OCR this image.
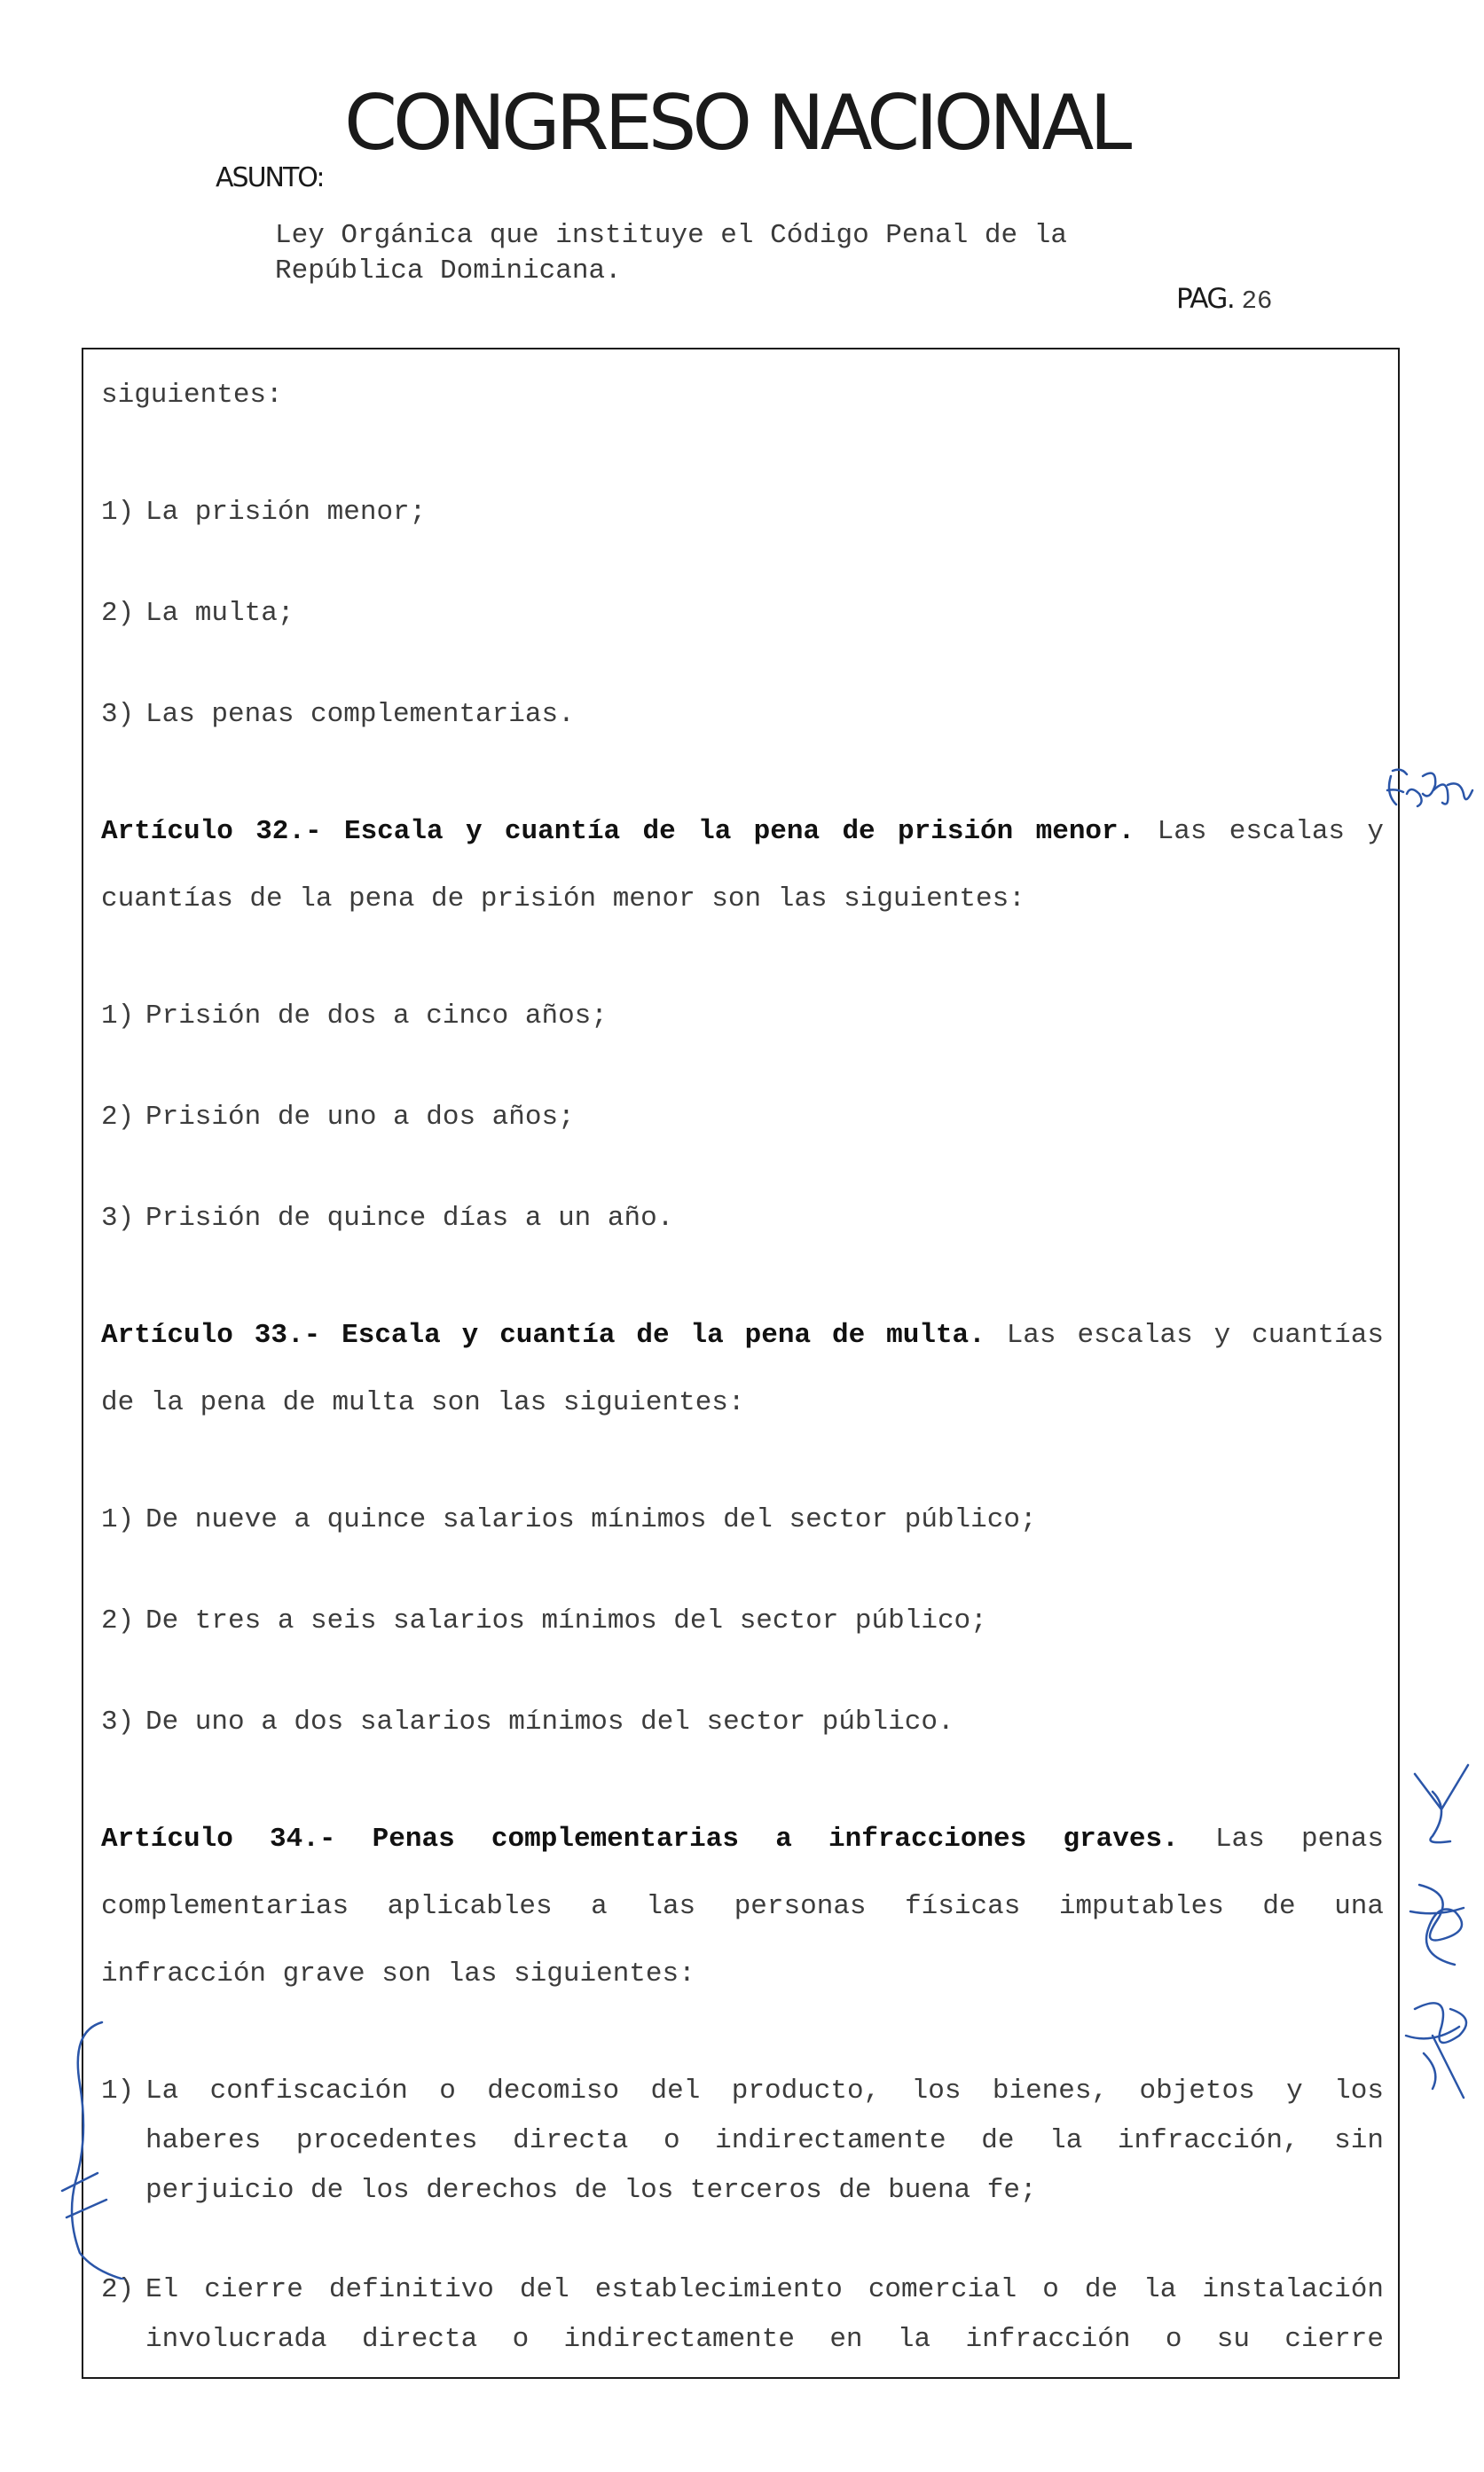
CONGRESO NACIONAL
ASUNTO:
Ley Orgánica que instituye el Código Penal de la
República Dominicana.
PAG. 26
siguientes:
1) La prisión menor;
2) La multa;
3) Las penas complementarias.
Artículo 32.- Escala y cuantía de la pena de prisión menor. Las escalas y
cuantías de la pena de prisión menor son las siguientes:
1) Prisión de dos a cinco años;
2) Prisión de uno a dos años;
3) Prisión de quince días a un año.
Artículo 33.- Escala y cuantía de la pena de multa. Las escalas y cuantías
de la pena de multa son las siguientes:
1) De nueve a quince salarios mínimos del sector público;
2) De tres a seis salarios mínimos del sector público;
3) De uno a dos salarios mínimos del sector público.
Artículo 34.- Penas complementarias a infracciones graves. Las penas
complementarias aplicables a las personas físicas imputables de una
infracción grave son las siguientes:
1) La confiscación o decomiso del producto, los bienes, objetos y los
haberes procedentes directa o indirectamente de la infracción, sin
perjuicio de los derechos de los terceros de buena fe;
2) El cierre definitivo del establecimiento comercial o de la instalación
involucrada directa o indirectamente en la infracción o su cierre
